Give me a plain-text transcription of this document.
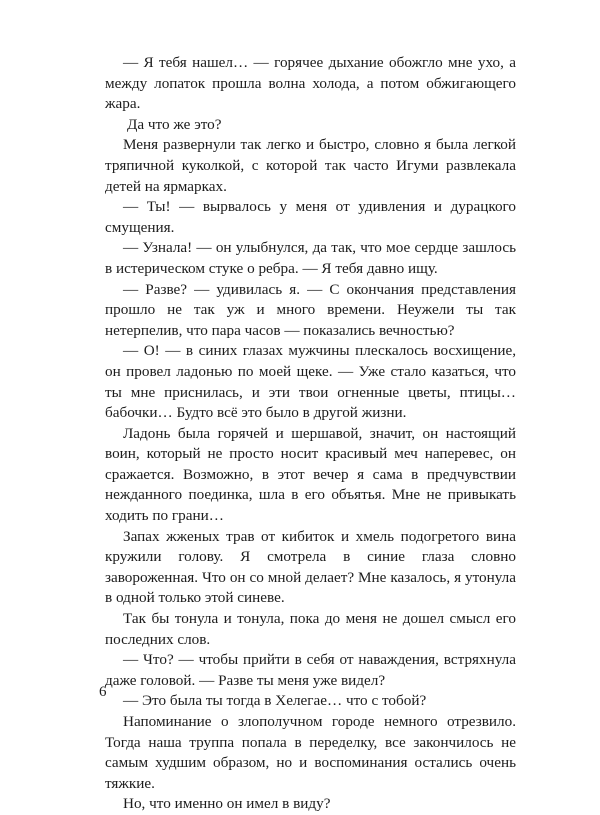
— Я тебя нашел… — горячее дыхание обожгло мне ухо, а между лопаток прошла волна холода, а потом обжигающего жара.

Да что же это?

Меня развернули так легко и быстро, словно я была легкой тряпичной куколкой, с которой так часто Игуми развлекала детей на ярмарках.

— Ты! — вырвалось у меня от удивления и дурацкого смущения.

— Узнала! — он улыбнулся, да так, что мое сердце зашлось в истерическом стуке о ребра. — Я тебя давно ищу.

— Разве? — удивилась я. — С окончания представления прошло не так уж и много времени. Неужели ты так нетерпелив, что пара часов — показались вечностью?

— О! — в синих глазах мужчины плескалось восхищение, он провел ладонью по моей щеке. — Уже стало казаться, что ты мне приснилась, и эти твои огненные цветы, птицы… бабочки… Будто всё это было в другой жизни.

Ладонь была горячей и шершавой, значит, он настоящий воин, который не просто носит красивый меч наперевес, он сражается. Возможно, в этот вечер я сама в предчувствии нежданного поединка, шла в его объятья. Мне не привыкать ходить по грани…

Запах жженых трав от кибиток и хмель подогретого вина кружили голову. Я смотрела в синие глаза словно завороженная. Что он со мной делает? Мне казалось, я утонула в одной только этой синеве.

Так бы тонула и тонула, пока до меня не дошел смысл его последних слов.

— Что? — чтобы прийти в себя от наваждения, встряхнула даже головой. — Разве ты меня уже видел?

— Это была ты тогда в Хелегае… что с тобой?

Напоминание о злополучном городе немного отрезвило. Тогда наша труппа попала в переделку, все закончилось не самым худшим образом, но и воспоминания остались очень тяжкие.

Но, что именно он имел в виду?

6
